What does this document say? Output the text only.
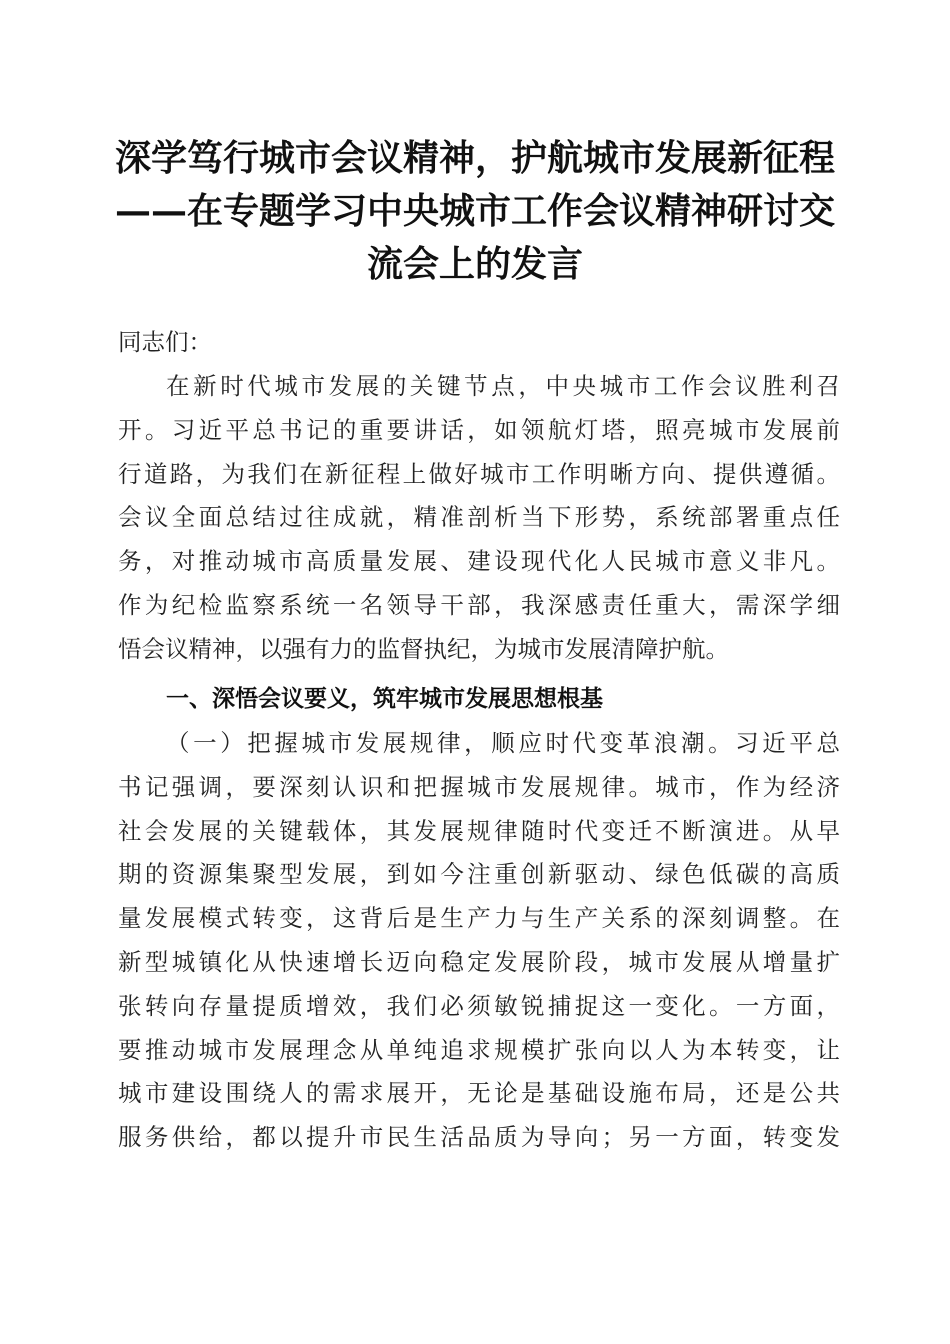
深学笃行城市会议精神，护航城市发展新征程
——在专题学习中央城市工作会议精神研讨交
流会上的发言

同志们：

在新时代城市发展的关键节点，中央城市工作会议胜利召
开。习近平总书记的重要讲话，如领航灯塔，照亮城市发展前
行道路，为我们在新征程上做好城市工作明晰方向、提供遵循。
会议全面总结过往成就，精准剖析当下形势，系统部署重点任
务，对推动城市高质量发展、建设现代化人民城市意义非凡。
作为纪检监察系统一名领导干部，我深感责任重大，需深学细
悟会议精神，以强有力的监督执纪，为城市发展清障护航。

一、深悟会议要义，筑牢城市发展思想根基

（一）把握城市发展规律，顺应时代变革浪潮。习近平总
书记强调，要深刻认识和把握城市发展规律。城市，作为经济
社会发展的关键载体，其发展规律随时代变迁不断演进。从早
期的资源集聚型发展，到如今注重创新驱动、绿色低碳的高质
量发展模式转变，这背后是生产力与生产关系的深刻调整。在
新型城镇化从快速增长迈向稳定发展阶段，城市发展从增量扩
张转向存量提质增效，我们必须敏锐捕捉这一变化。一方面，
要推动城市发展理念从单纯追求规模扩张向以人为本转变，让
城市建设围绕人的需求展开，无论是基础设施布局，还是公共
服务供给，都以提升市民生活品质为导向；另一方面，转变发
